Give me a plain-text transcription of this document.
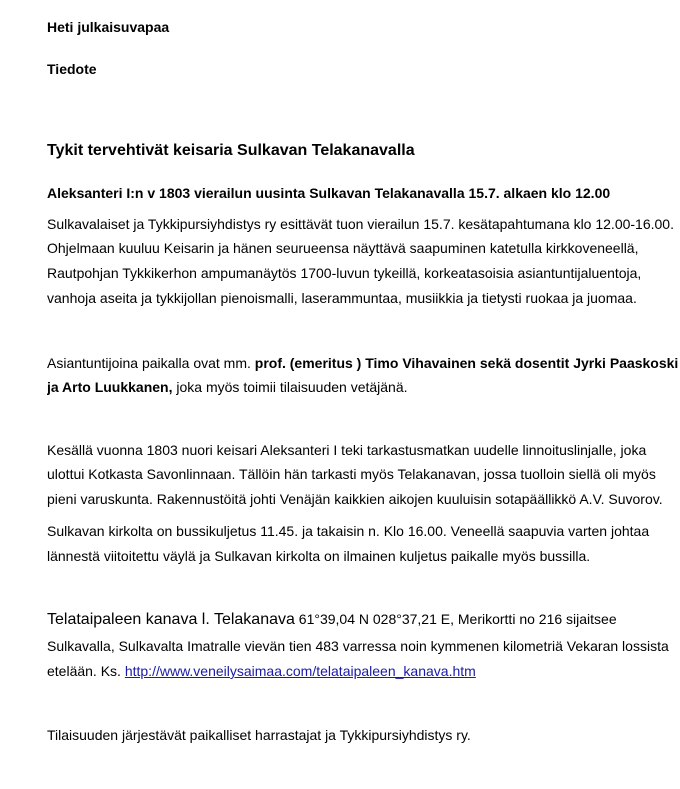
Heti julkaisuvapaa
Tiedote
Tykit tervehtivät keisaria Sulkavan Telakanavalla
Aleksanteri I:n v 1803 vierailun uusinta Sulkavan Telakanavalla 15.7. alkaen klo 12.00
Sulkavalaiset ja Tykkipursiyhdistys ry esittävät tuon vierailun 15.7. kesätapahtumana klo 12.00-16.00.
Ohjelmaan kuuluu Keisarin ja hänen seurueensa näyttävä saapuminen katetulla kirkkoveneellä,
Rautpohjan Tykkikerhon ampumanäytös 1700-luvun tykeillä, korkeatasoisia asiantuntijaluentoja,
vanhoja aseita ja tykkijollan pienoismalli, laserammuntaa, musiikkia ja tietysti ruokaa ja juomaa.
Asiantuntijoina paikalla ovat mm. prof. (emeritus ) Timo Vihavainen sekä dosentit Jyrki Paaskoski
ja Arto Luukkanen, joka myös toimii tilaisuuden vetäjänä.
Kesällä vuonna 1803 nuori keisari Aleksanteri I teki tarkastusmatkan uudelle linnoituslinjalle, joka
ulottui Kotkasta Savonlinnaan. Tällöin hän tarkasti myös Telakanavan, jossa tuolloin siellä oli myös
pieni varuskunta. Rakennustöitä johti Venäjän kaikkien aikojen kuuluisin sotapäällikkö A.V. Suvorov.
Sulkavan kirkolta on bussikuljetus 11.45. ja takaisin n. Klo 16.00. Veneellä saapuvia varten johtaa
lännestä viitoitettu väylä ja Sulkavan kirkolta on ilmainen kuljetus paikalle myös bussilla.
Telataipaleen kanava l. Telakanava 61°39,04 N 028°37,21 E, Merikortti no 216 sijaitsee
Sulkavalla, Sulkavalta Imatralle vievän tien 483 varressa noin kymmenen kilometriä Vekaran lossista
etelään. Ks. http://www.veneilysaimaa.com/telataipaleen_kanava.htm
Tilaisuuden järjestävät paikalliset harrastajat ja Tykkipursiyhdistys ry.
